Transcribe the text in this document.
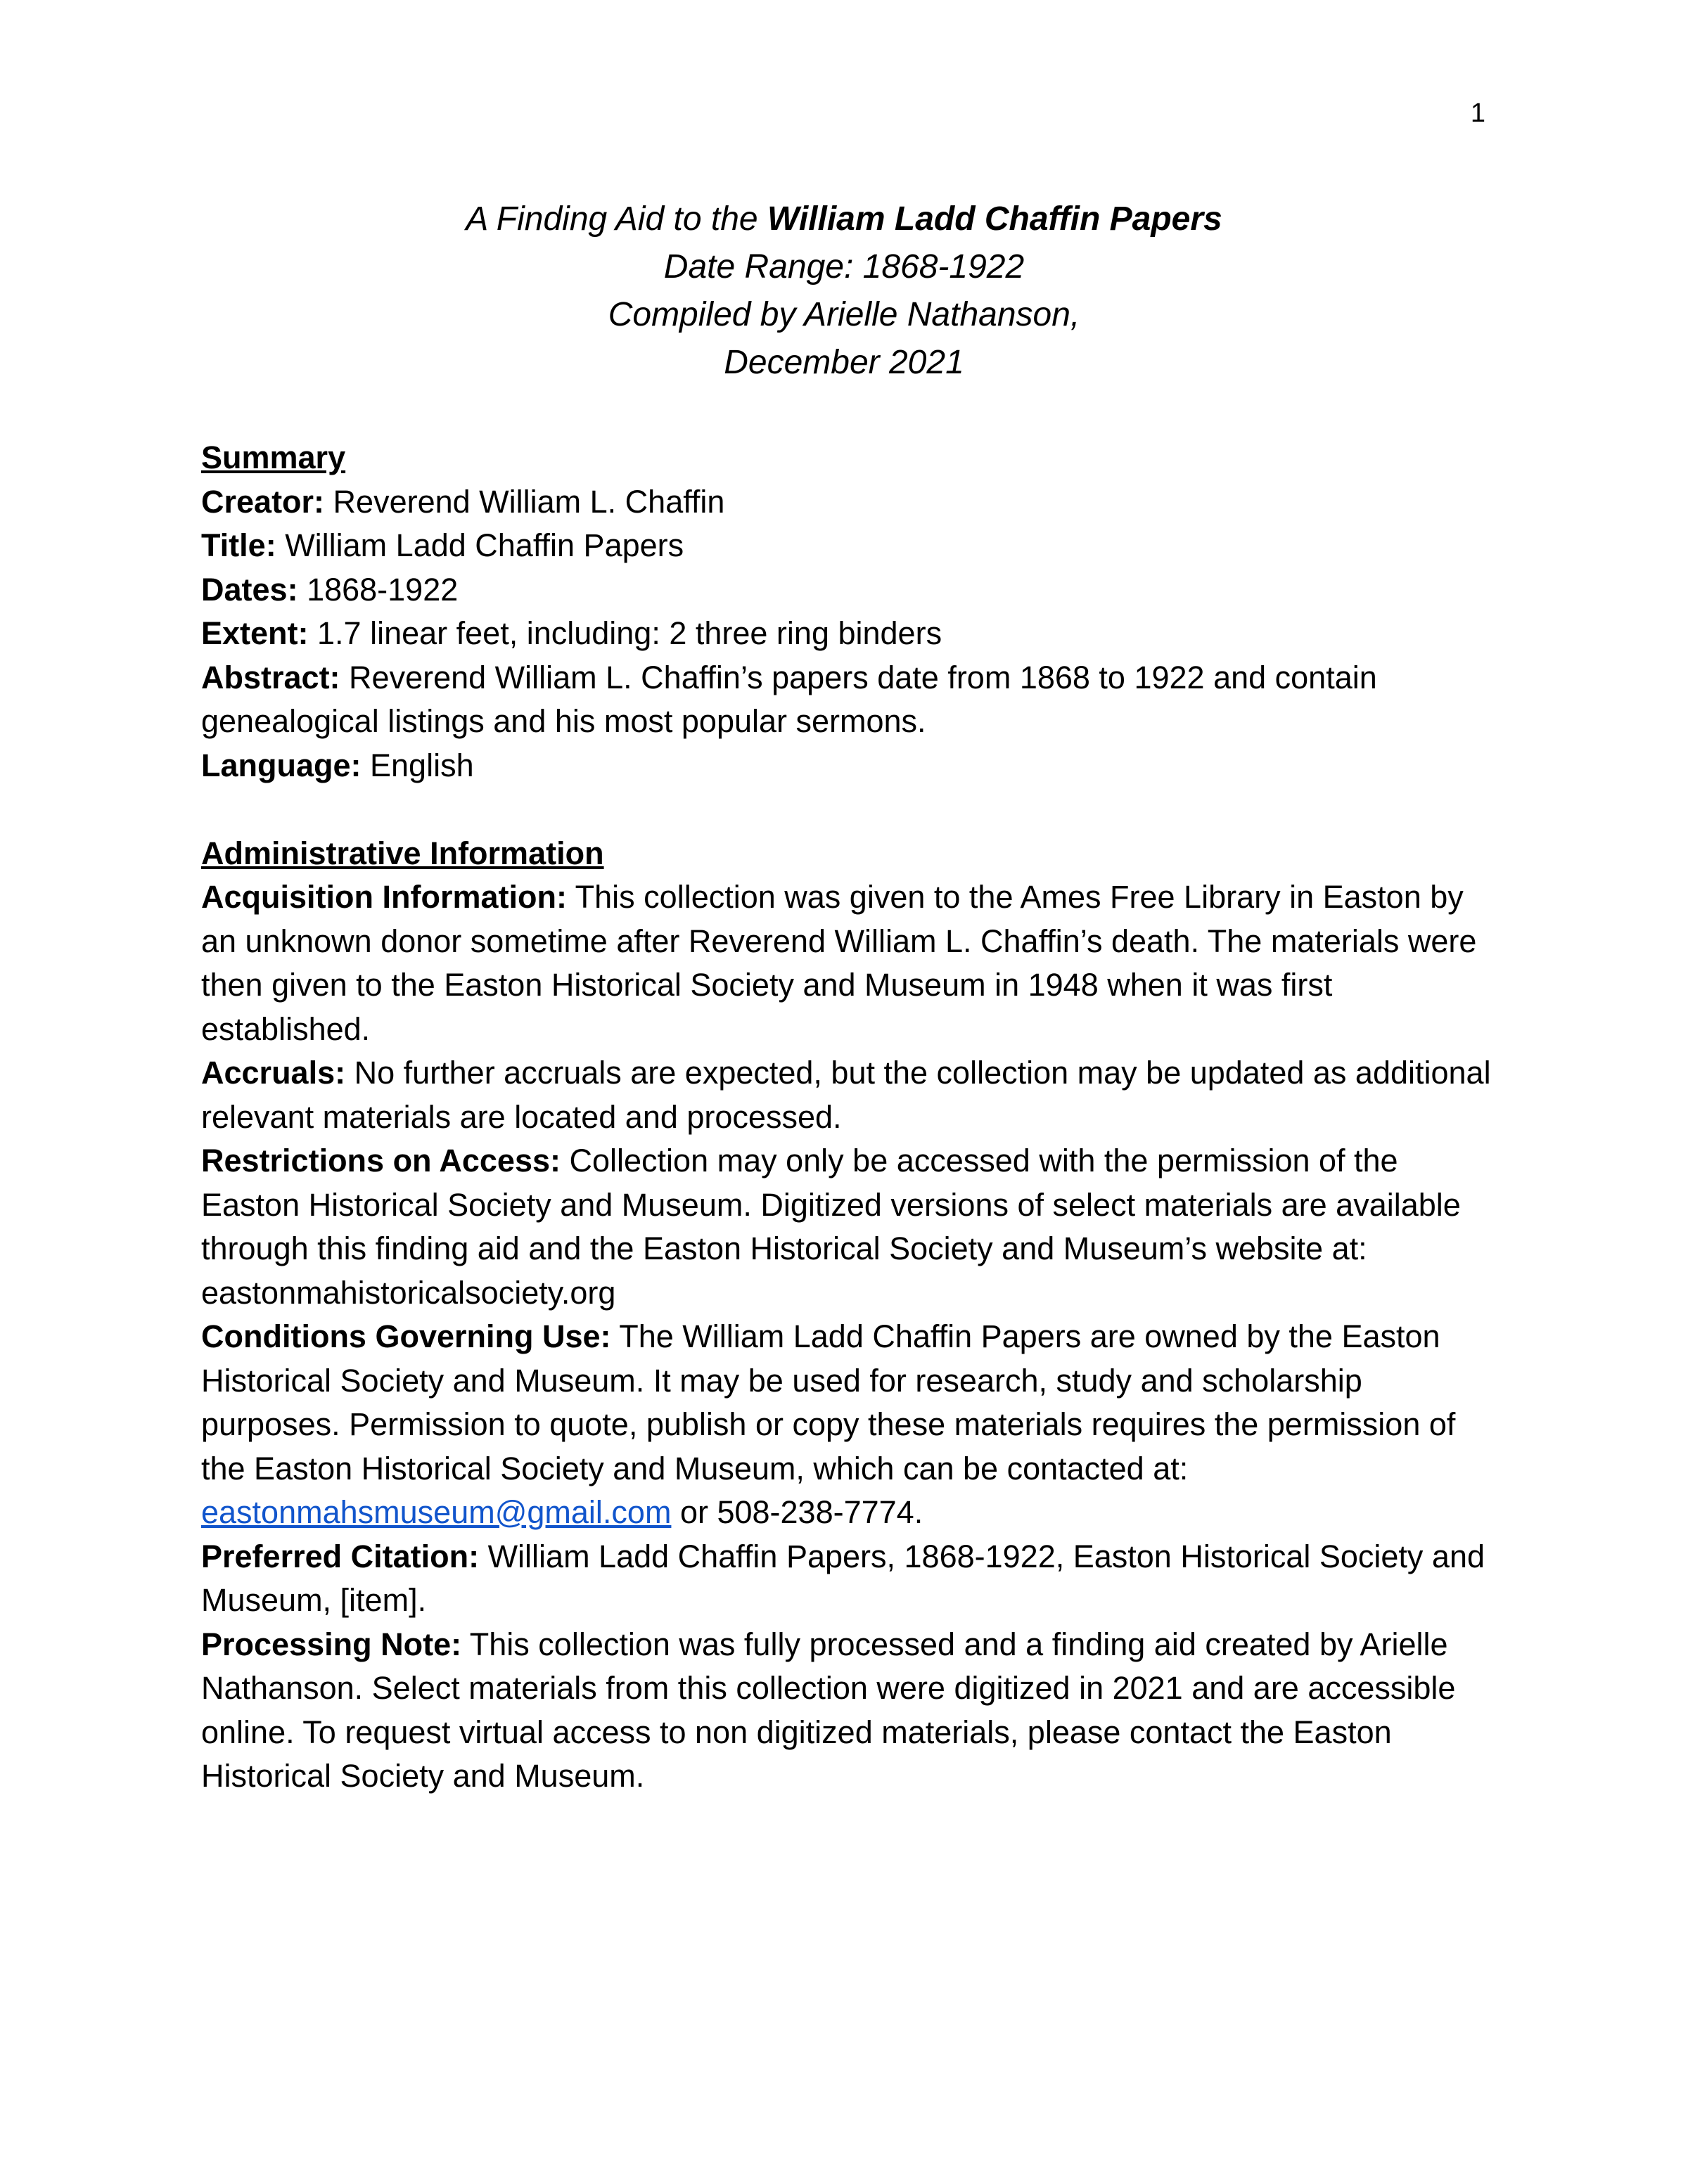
1
A Finding Aid to the William Ladd Chaffin Papers
Date Range: 1868-1922
Compiled by Arielle Nathanson,
December 2021
Summary
Creator: Reverend William L. Chaffin
Title: William Ladd Chaffin Papers
Dates: 1868-1922
Extent: 1.7 linear feet, including: 2 three ring binders
Abstract: Reverend William L. Chaffin’s papers date from 1868 to 1922 and contain genealogical listings and his most popular sermons.
Language: English
Administrative Information
Acquisition Information: This collection was given to the Ames Free Library in Easton by an unknown donor sometime after Reverend William L. Chaffin’s death. The materials were then given to the Easton Historical Society and Museum in 1948 when it was first established.
Accruals: No further accruals are expected, but the collection may be updated as additional relevant materials are located and processed.
Restrictions on Access: Collection may only be accessed with the permission of the Easton Historical Society and Museum. Digitized versions of select materials are available through this finding aid and the Easton Historical Society and Museum’s website at: eastonmahistoricalsociety.org
Conditions Governing Use: The William Ladd Chaffin Papers are owned by the Easton Historical Society and Museum. It may be used for research, study and scholarship purposes. Permission to quote, publish or copy these materials requires the permission of the Easton Historical Society and Museum, which can be contacted at: eastonmahsmuseum@gmail.com or 508-238-7774.
Preferred Citation: William Ladd Chaffin Papers, 1868-1922, Easton Historical Society and Museum, [item].
Processing Note: This collection was fully processed and a finding aid created by Arielle Nathanson. Select materials from this collection were digitized in 2021 and are accessible online. To request virtual access to non digitized materials, please contact the Easton Historical Society and Museum.
